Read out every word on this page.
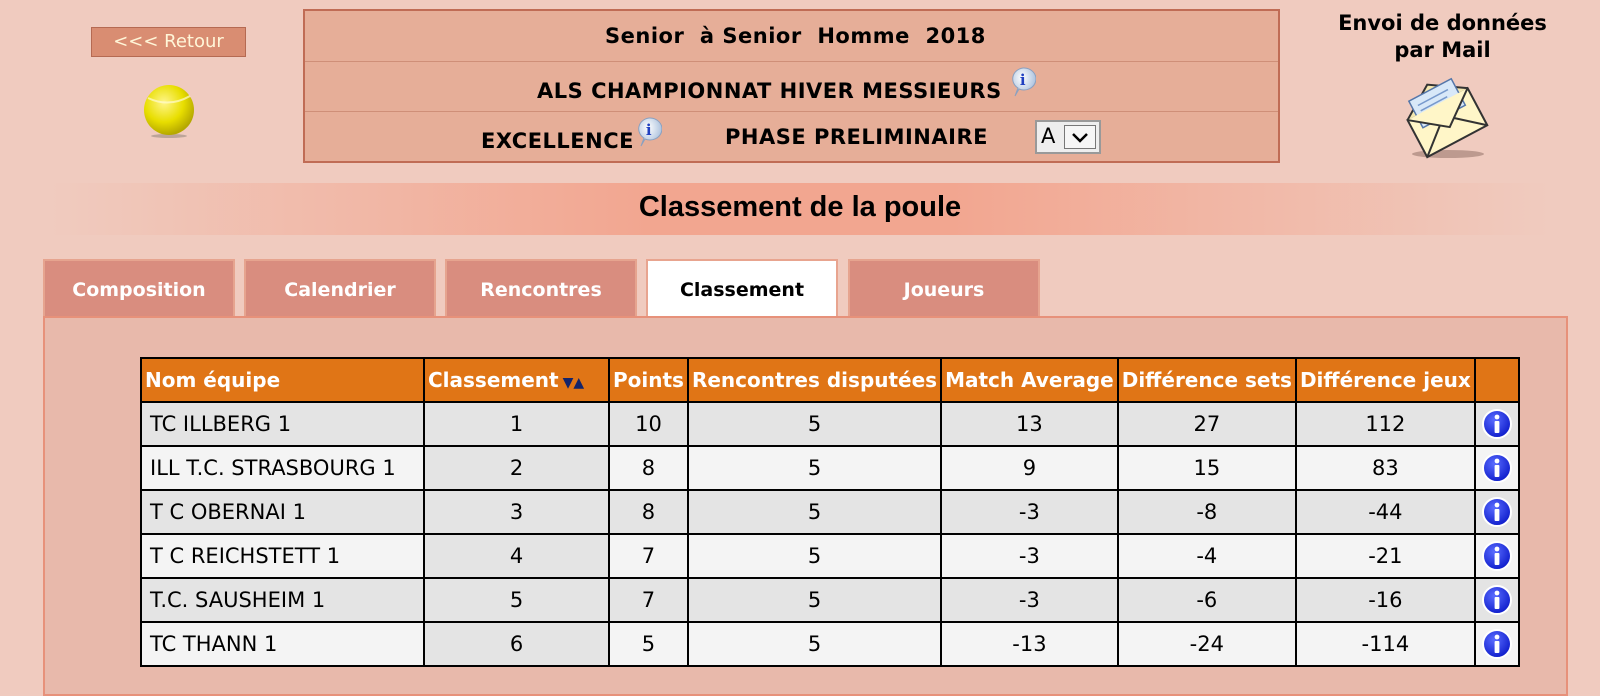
<<< Retour	Senior  à Senior  Homme  2018
ALS CHAMPIONNAT HIVER MESSIEURS i
EXCELLENCE i	PHASE PRELIMINAIRE	A
Envoi de données
par Mail
Classement de la poule
Composition	Calendrier	Rencontres	Classement	Joueurs
Nom équipe	Classement ▼▲	Points	Rencontres disputées	Match Average	Différence sets	Différence jeux	
TC ILLBERG 1	1	10	5	13	27	112	

ILL T.C. STRASBOURG 1	2	8	5	9	15	83	

T C OBERNAI 1	3	8	5	-3	-8	-44	

T C REICHSTETT 1	4	7	5	-3	-4	-21	

T.C. SAUSHEIM 1	5	7	5	-3	-6	-16	

TC THANN 1	6	5	5	-13	-24	-114	
